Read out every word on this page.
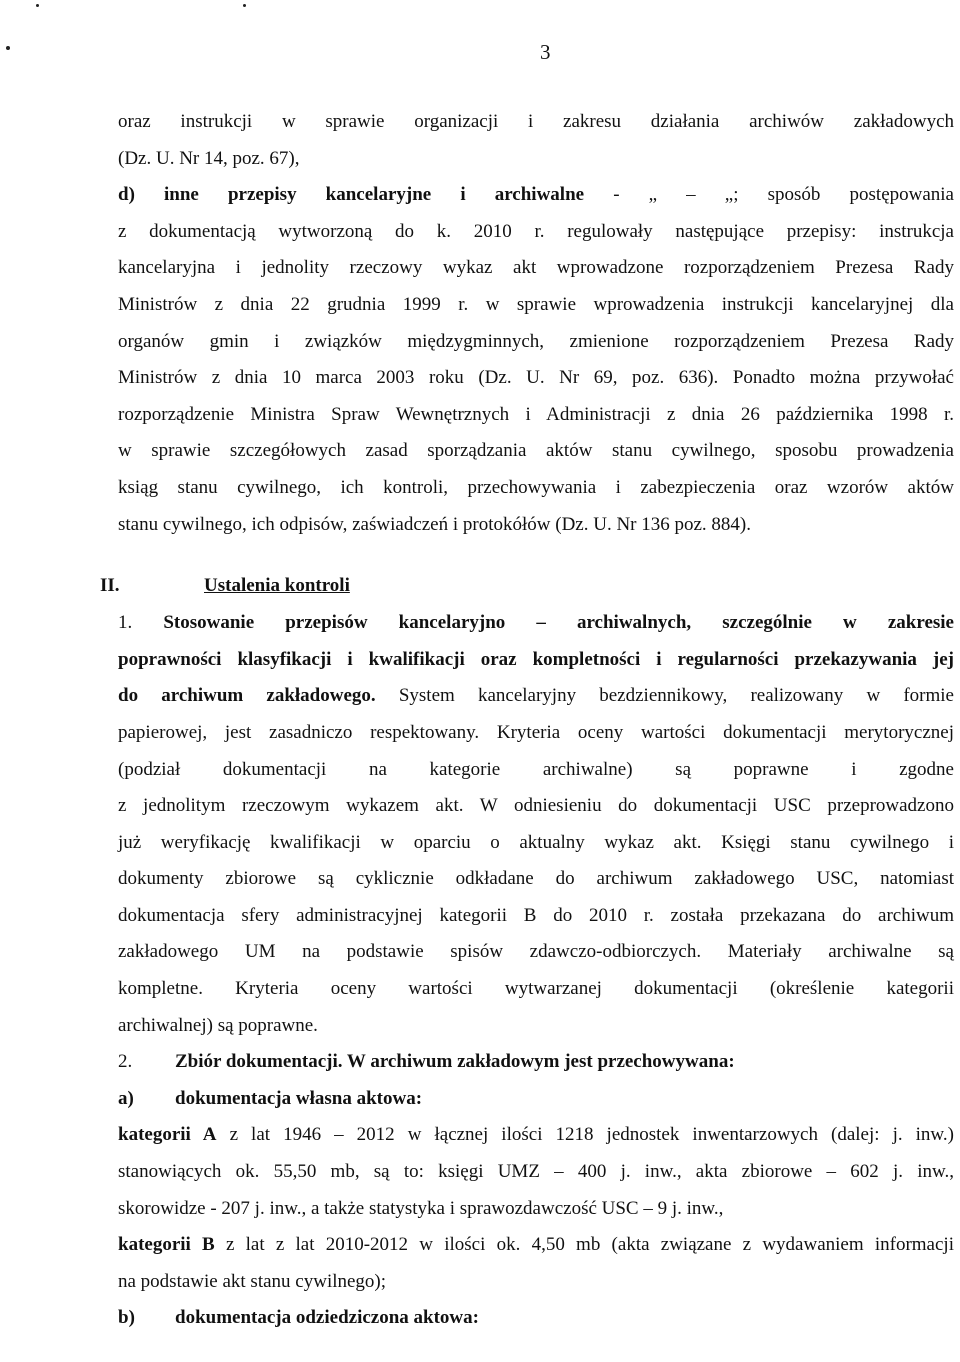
3
oraz instrukcji w sprawie organizacji i zakresu działania archiwów zakładowych
(Dz. U. Nr 14, poz. 67),
d) inne przepisy kancelaryjne i archiwalne - „ – „; sposób postępowania
z dokumentacją wytworzoną do k. 2010 r. regulowały następujące przepisy: instrukcja
kancelaryjna i jednolity rzeczowy wykaz akt wprowadzone rozporządzeniem Prezesa Rady
Ministrów z dnia 22 grudnia 1999 r. w sprawie wprowadzenia instrukcji kancelaryjnej dla
organów gmin i związków międzygminnych, zmienione rozporządzeniem Prezesa Rady
Ministrów z dnia 10 marca 2003 roku (Dz. U. Nr 69, poz. 636). Ponadto można przywołać
rozporządzenie Ministra Spraw Wewnętrznych i Administracji z dnia 26 października 1998 r.
w sprawie szczegółowych zasad sporządzania aktów stanu cywilnego, sposobu prowadzenia
ksiąg stanu cywilnego, ich kontroli, przechowywania i zabezpieczenia oraz wzorów aktów
stanu cywilnego, ich odpisów, zaświadczeń i protokółów (Dz. U. Nr 136 poz. 884).
II.	Ustalenia kontroli
1. Stosowanie przepisów kancelaryjno – archiwalnych, szczególnie w zakresie
poprawności klasyfikacji i kwalifikacji oraz kompletności i regularności przekazywania jej
do archiwum zakładowego. System kancelaryjny bezdziennikowy, realizowany w formie
papierowej, jest zasadniczo respektowany. Kryteria oceny wartości dokumentacji merytorycznej
(podział dokumentacji na kategorie archiwalne) są poprawne i zgodne
z jednolitym rzeczowym wykazem akt. W odniesieniu do dokumentacji USC przeprowadzono
już weryfikację kwalifikacji w oparciu o aktualny wykaz akt. Księgi stanu cywilnego i
dokumenty zbiorowe są cyklicznie odkładane do archiwum zakładowego USC, natomiast
dokumentacja sfery administracyjnej kategorii B do 2010 r. została przekazana do archiwum
zakładowego UM na podstawie spisów zdawczo-odbiorczych. Materiały archiwalne są
kompletne. Kryteria oceny wartości wytwarzanej dokumentacji (określenie kategorii
archiwalnej) są poprawne.
2. Zbiór dokumentacji. W archiwum zakładowym jest przechowywana:
a) dokumentacja własna aktowa:
kategorii A z lat 1946 – 2012 w łącznej ilości 1218 jednostek inwentarzowych (dalej: j. inw.)
stanowiących ok. 55,50 mb, są to: księgi UMZ – 400 j. inw., akta zbiorowe – 602 j. inw.,
skorowidze - 207 j. inw., a także statystyka i sprawozdawczość USC – 9 j. inw.,
kategorii B z lat z lat 2010-2012 w ilości ok. 4,50 mb (akta związane z wydawaniem informacji
na podstawie akt stanu cywilnego);
b) dokumentacja odziedziczona aktowa:
